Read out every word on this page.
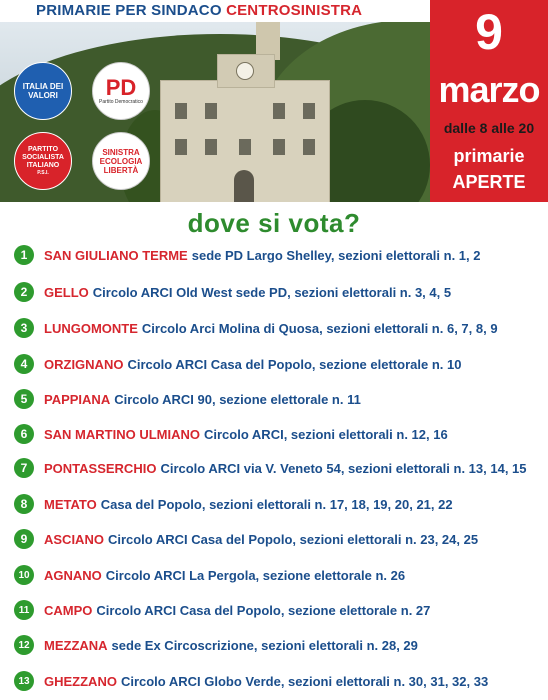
PRIMARIE PER SINDACO CENTROSINISTRA
ITALIA DEI VALORI	PD
Partito Democratico
PARTITO SOCIALISTA ITALIANO
P.S.I.
SINISTRA ECOLOGIA LIBERTÀ
9
marzo
dalle 8 alle 20
primarie
APERTE
dove si vota?
1	SAN GIULIANO TERME sede PD Largo Shelley, sezioni elettorali n. 1, 2
2	GELLO Circolo ARCI Old West sede PD, sezioni elettorali n. 3, 4, 5
3	LUNGOMONTE Circolo Arci Molina di Quosa, sezioni elettorali n. 6, 7, 8, 9
4	ORZIGNANO Circolo ARCI Casa del Popolo, sezione elettorale n. 10
5	PAPPIANA Circolo ARCI 90, sezione elettorale n. 11
6	SAN MARTINO ULMIANO Circolo ARCI, sezioni elettorali n. 12, 16
7	PONTASSERCHIO Circolo ARCI via V. Veneto 54, sezioni elettorali n. 13, 14, 15
8	METATO Casa del Popolo, sezioni elettorali n. 17, 18, 19, 20, 21, 22
9	ASCIANO Circolo ARCI Casa del Popolo, sezioni elettorali n. 23, 24, 25
10	AGNANO Circolo ARCI La Pergola, sezione elettorale n. 26
11	CAMPO Circolo ARCI Casa del Popolo, sezione elettorale n. 27
12	MEZZANA sede Ex Circoscrizione, sezioni elettorali n. 28, 29
13	GHEZZANO Circolo ARCI Globo Verde, sezioni elettorali n. 30, 31, 32, 33
